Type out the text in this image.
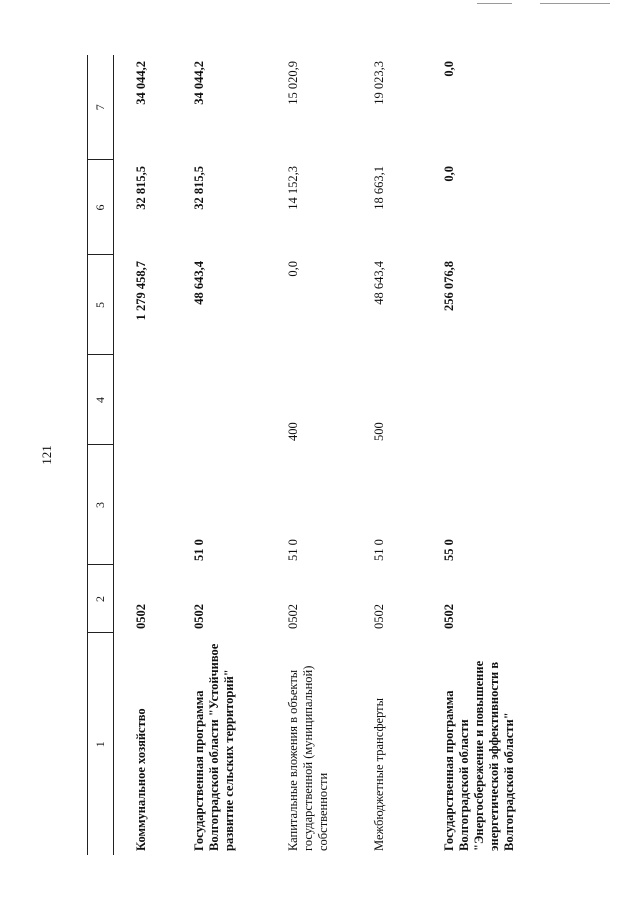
121
1	2	3	4	5	6	7
Коммунальное хозяйство	0502			1 279 458,7	32 815,5	34 044,2
Государственная программа Волгоградской области "Устойчивое развитие сельских территорий"	0502	51 0		48 643,4	32 815,5	34 044,2
Капитальные вложения в объекты государственной (муниципальной) собственности	0502	51 0	400	0,0	14 152,3	15 020,9
Межбюджетные трансферты	0502	51 0	500	48 643,4	18 663,1	19 023,3
Государственная программа Волгоградской области "Энергосбережение и повышение энергетической эффективности в Волгоградской области"	0502	55 0		256 076,8	0,0	0,0
